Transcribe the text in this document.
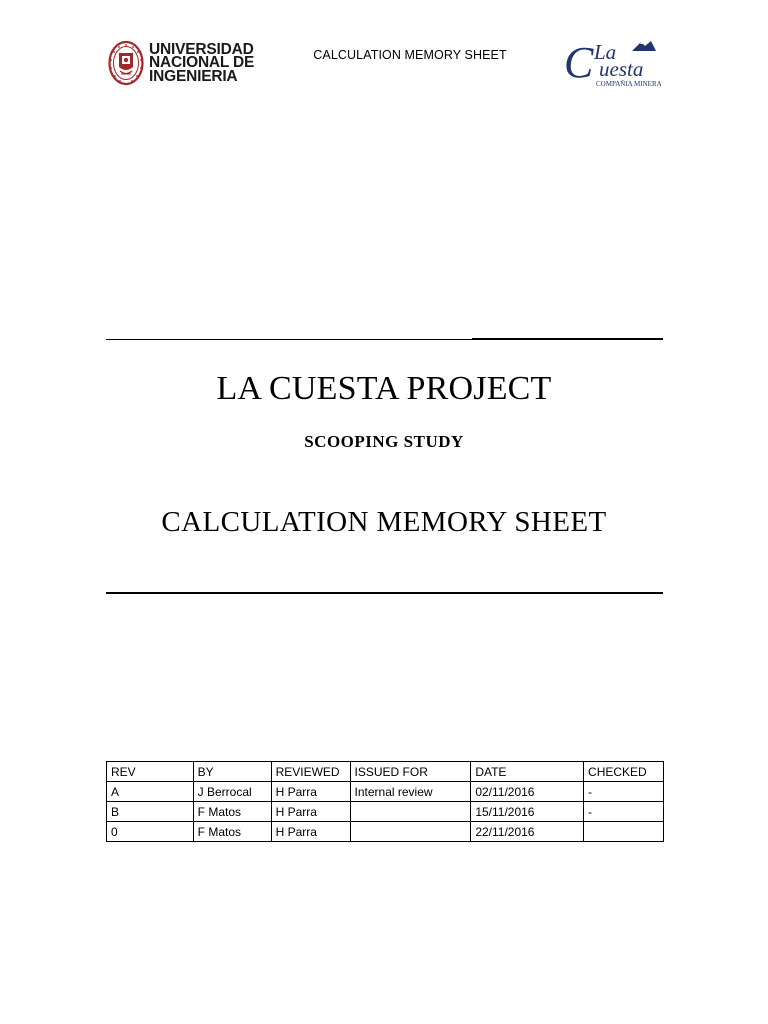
UNIVERSIDAD
NACIONAL DE
INGENIERIA
CALCULATION MEMORY SHEET	C La
uesta
COMPAÑIA MINERA
LA CUESTA PROJECT
SCOOPING STUDY
CALCULATION MEMORY SHEET
REV	BY	REVIEWED	ISSUED FOR	DATE	CHECKED
A	J Berrocal	H Parra	Internal review	02/11/2016	-
B	F Matos	H Parra		15/11/2016	-
0	F Matos	H Parra		22/11/2016	
